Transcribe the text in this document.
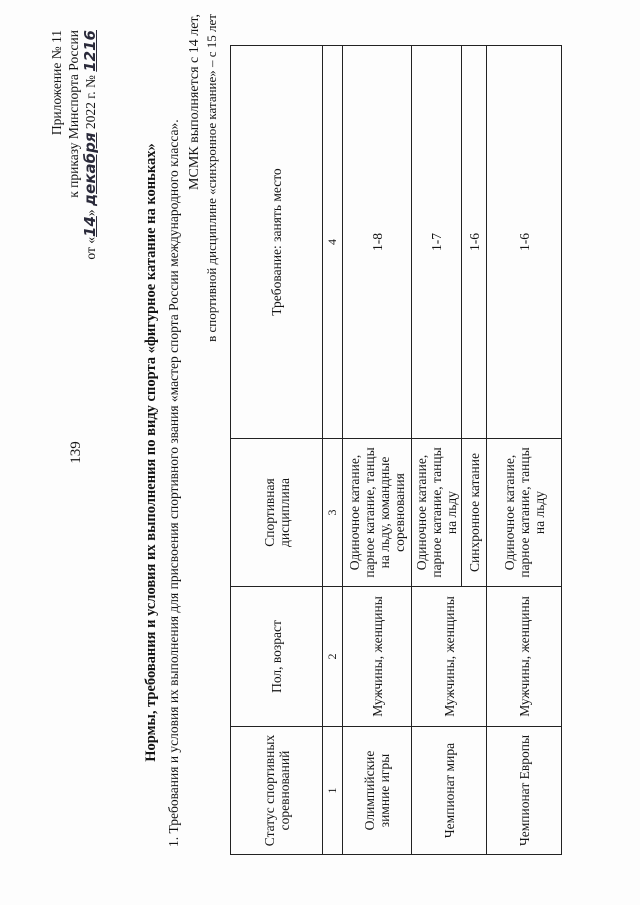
139
Приложение № 11 к приказу Минспорта России
от «14» декабря 2022 г. № 1216
Нормы, требования и условия их выполнения по виду спорта «фигурное катание на коньках» 1. Требования и условия их выполнения для присвоения спортивного звания «мастер спорта России международного класса».
МСМК выполняется с 14 лет, в спортивной дисциплине «синхронное катание» – с 15 лет
Статус спортивных соревнований	Пол, возраст	Спортивная дисциплина	Требование: занять место
1	2	3	4
Олимпийские зимние игры	Мужчины, женщины	Одиночное катание, парное катание, танцы на льду, командные соревнования	1-8
Чемпионат мира	Мужчины, женщины	Одиночное катание, парное катание, танцы на льду	1-7
		Синхронное катание	1-6
Чемпионат Европы	Мужчины, женщины	Одиночное катание, парное катание, танцы на льду	1-6
